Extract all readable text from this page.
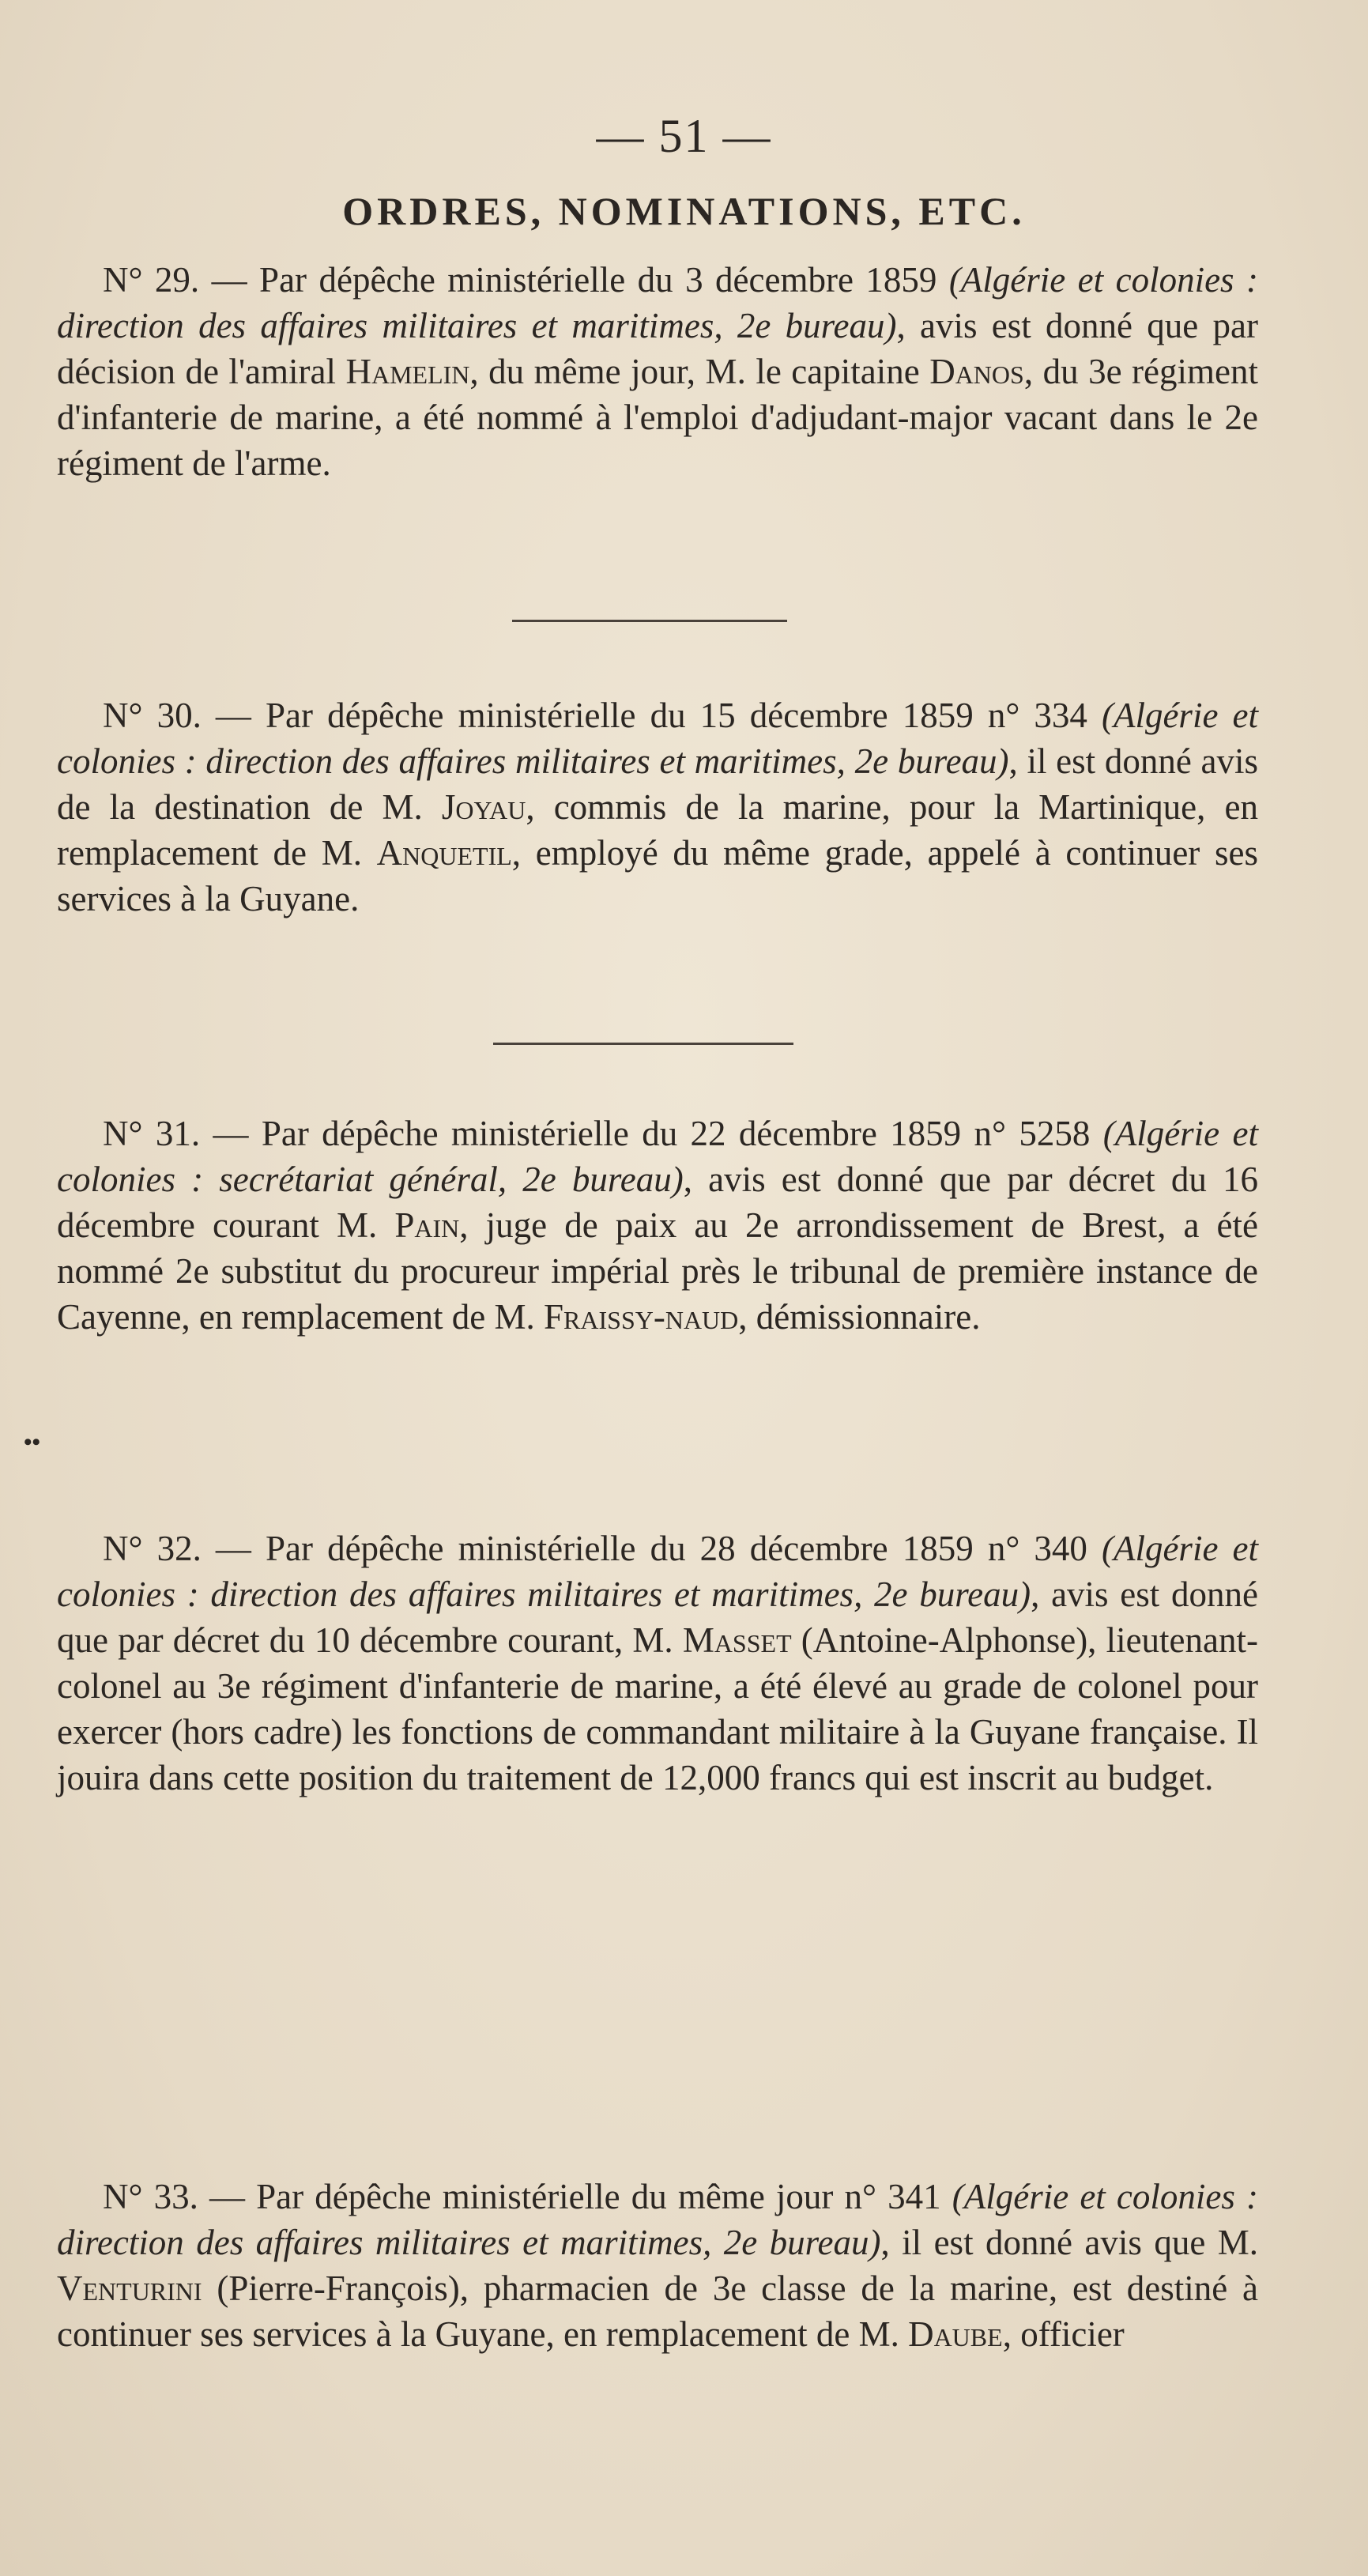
— 51 —
ORDRES, NOMINATIONS, ETC.

N° 29. — Par dépêche ministérielle du 3 décembre 1859 (Algérie et colonies : direction des affaires militaires et maritimes, 2e bureau), avis est donné que par décision de l'amiral Hamelin, du même jour, M. le capitaine Danos, du 3e régiment d'infanterie de marine, a été nommé à l'emploi d'adjudant-major vacant dans le 2e régiment de l'arme.

N° 30. — Par dépêche ministérielle du 15 décembre 1859 n° 334 (Algérie et colonies : direction des affaires militaires et maritimes, 2e bureau), il est donné avis de la destination de M. Joyau, commis de la marine, pour la Martinique, en remplacement de M. Anquetil, employé du même grade, appelé à continuer ses services à la Guyane.

N° 31. — Par dépêche ministérielle du 22 décembre 1859 n° 5258 (Algérie et colonies : secrétariat général, 2e bureau), avis est donné que par décret du 16 décembre courant M. Pain, juge de paix au 2e arrondissement de Brest, a été nommé 2e substitut du procureur impérial près le tribunal de première instance de Cayenne, en remplacement de M. Fraissy-naud, démissionnaire.

••

N° 32. — Par dépêche ministérielle du 28 décembre 1859 n° 340 (Algérie et colonies : direction des affaires militaires et maritimes, 2e bureau), avis est donné que par décret du 10 décembre courant, M. Masset (Antoine-Alphonse), lieutenant-colonel au 3e régiment d'infanterie de marine, a été élevé au grade de colonel pour exercer (hors cadre) les fonctions de commandant militaire à la Guyane française. Il jouira dans cette position du traitement de 12,000 francs qui est inscrit au budget.

N° 33. — Par dépêche ministérielle du même jour n° 341 (Algérie et colonies : direction des affaires militaires et maritimes, 2e bureau), il est donné avis que M. Venturini (Pierre-François), pharmacien de 3e classe de la marine, est destiné à continuer ses services à la Guyane, en remplacement de M. Daube, officier
